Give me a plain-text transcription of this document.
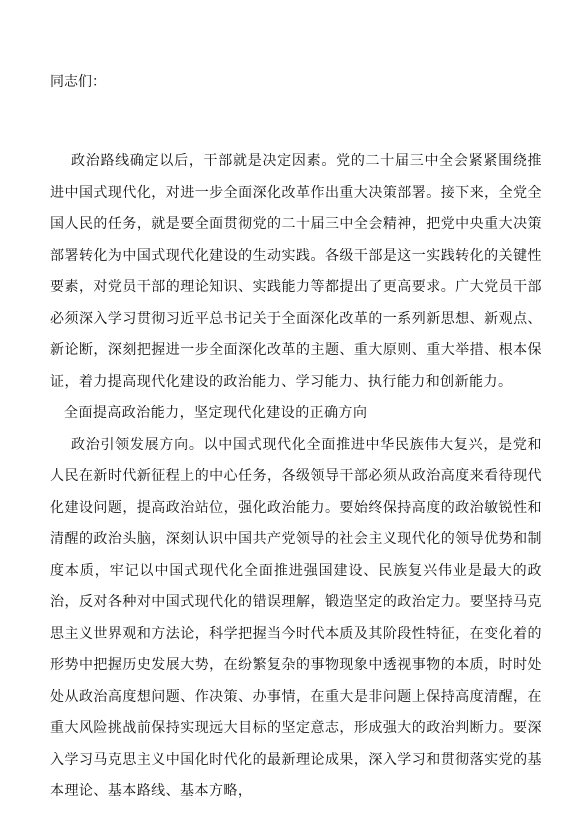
同志们：

政治路线确定以后，干部就是决定因素。党的二十届三中全会紧紧围绕推进中国式现代化，对进一步全面深化改革作出重大决策部署。接下来，全党全国人民的任务，就是要全面贯彻党的二十届三中全会精神，把党中央重大决策部署转化为中国式现代化建设的生动实践。各级干部是这一实践转化的关键性要素，对党员干部的理论知识、实践能力等都提出了更高要求。广大党员干部必须深入学习贯彻习近平总书记关于全面深化改革的一系列新思想、新观点、新论断，深刻把握进一步全面深化改革的主题、重大原则、重大举措、根本保证，着力提高现代化建设的政治能力、学习能力、执行能力和创新能力。

全面提高政治能力，坚定现代化建设的正确方向

政治引领发展方向。以中国式现代化全面推进中华民族伟大复兴，是党和人民在新时代新征程上的中心任务，各级领导干部必须从政治高度来看待现代化建设问题，提高政治站位，强化政治能力。要始终保持高度的政治敏锐性和清醒的政治头脑，深刻认识中国共产党领导的社会主义现代化的领导优势和制度本质，牢记以中国式现代化全面推进强国建设、民族复兴伟业是最大的政治，反对各种对中国式现代化的错误理解，锻造坚定的政治定力。要坚持马克思主义世界观和方法论，科学把握当今时代本质及其阶段性特征，在变化着的形势中把握历史发展大势，在纷繁复杂的事物现象中透视事物的本质，时时处处从政治高度想问题、作决策、办事情，在重大是非问题上保持高度清醒，在重大风险挑战前保持实现远大目标的坚定意志，形成强大的政治判断力。要深入学习马克思主义中国化时代化的最新理论成果，深入学习和贯彻落实党的基本理论、基本路线、基本方略，
